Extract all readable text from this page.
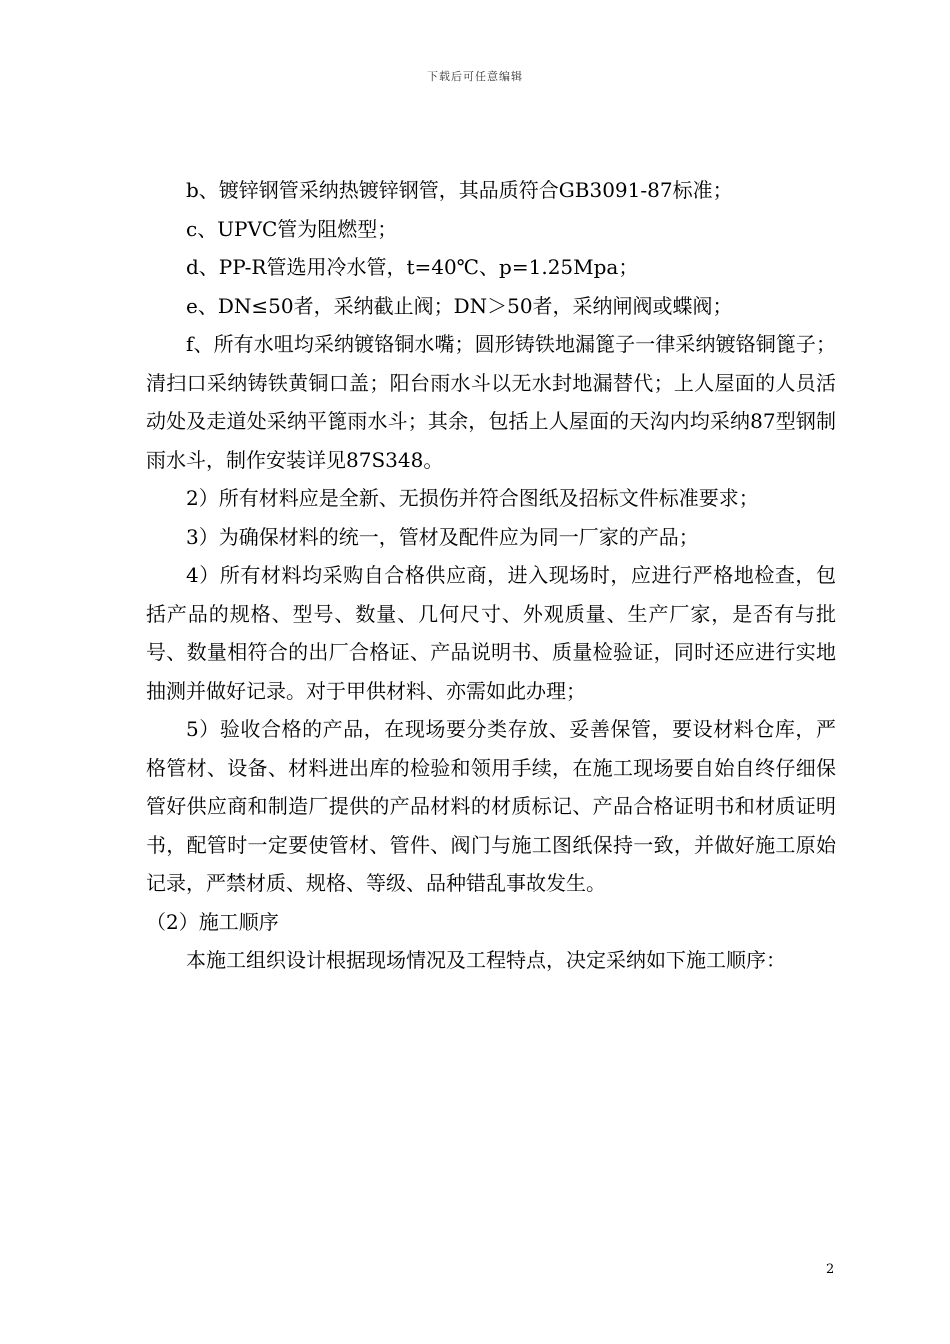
下载后可任意编辑

b、镀锌钢管采纳热镀锌钢管，其品质符合GB3091-87标准；

c、UPVC管为阻燃型；

d、PP-R管选用冷水管，t=40℃、p=1.25Mpa；

e、DN≤50者，采纳截止阀；DN＞50者，采纳闸阀或蝶阀；

f、所有水咀均采纳镀铬铜水嘴；圆形铸铁地漏篦子一律采纳镀铬铜篦子；清扫口采纳铸铁黄铜口盖；阳台雨水斗以无水封地漏替代；上人屋面的人员活动处及走道处采纳平篦雨水斗；其余，包括上人屋面的天沟内均采纳87型钢制雨水斗，制作安装详见87S348。

2）所有材料应是全新、无损伤并符合图纸及招标文件标准要求；

3）为确保材料的统一，管材及配件应为同一厂家的产品；

4）所有材料均采购自合格供应商，进入现场时，应进行严格地检查，包括产品的规格、型号、数量、几何尺寸、外观质量、生产厂家，是否有与批号、数量相符合的出厂合格证、产品说明书、质量检验证，同时还应进行实地抽测并做好记录。对于甲供材料、亦需如此办理；

5）验收合格的产品，在现场要分类存放、妥善保管，要设材料仓库，严格管材、设备、材料进出库的检验和领用手续，在施工现场要自始自终仔细保管好供应商和制造厂提供的产品材料的材质标记、产品合格证明书和材质证明书，配管时一定要使管材、管件、阀门与施工图纸保持一致，并做好施工原始记录，严禁材质、规格、等级、品种错乱事故发生。

（2）施工顺序

本施工组织设计根据现场情况及工程特点，决定采纳如下施工顺序：

2
